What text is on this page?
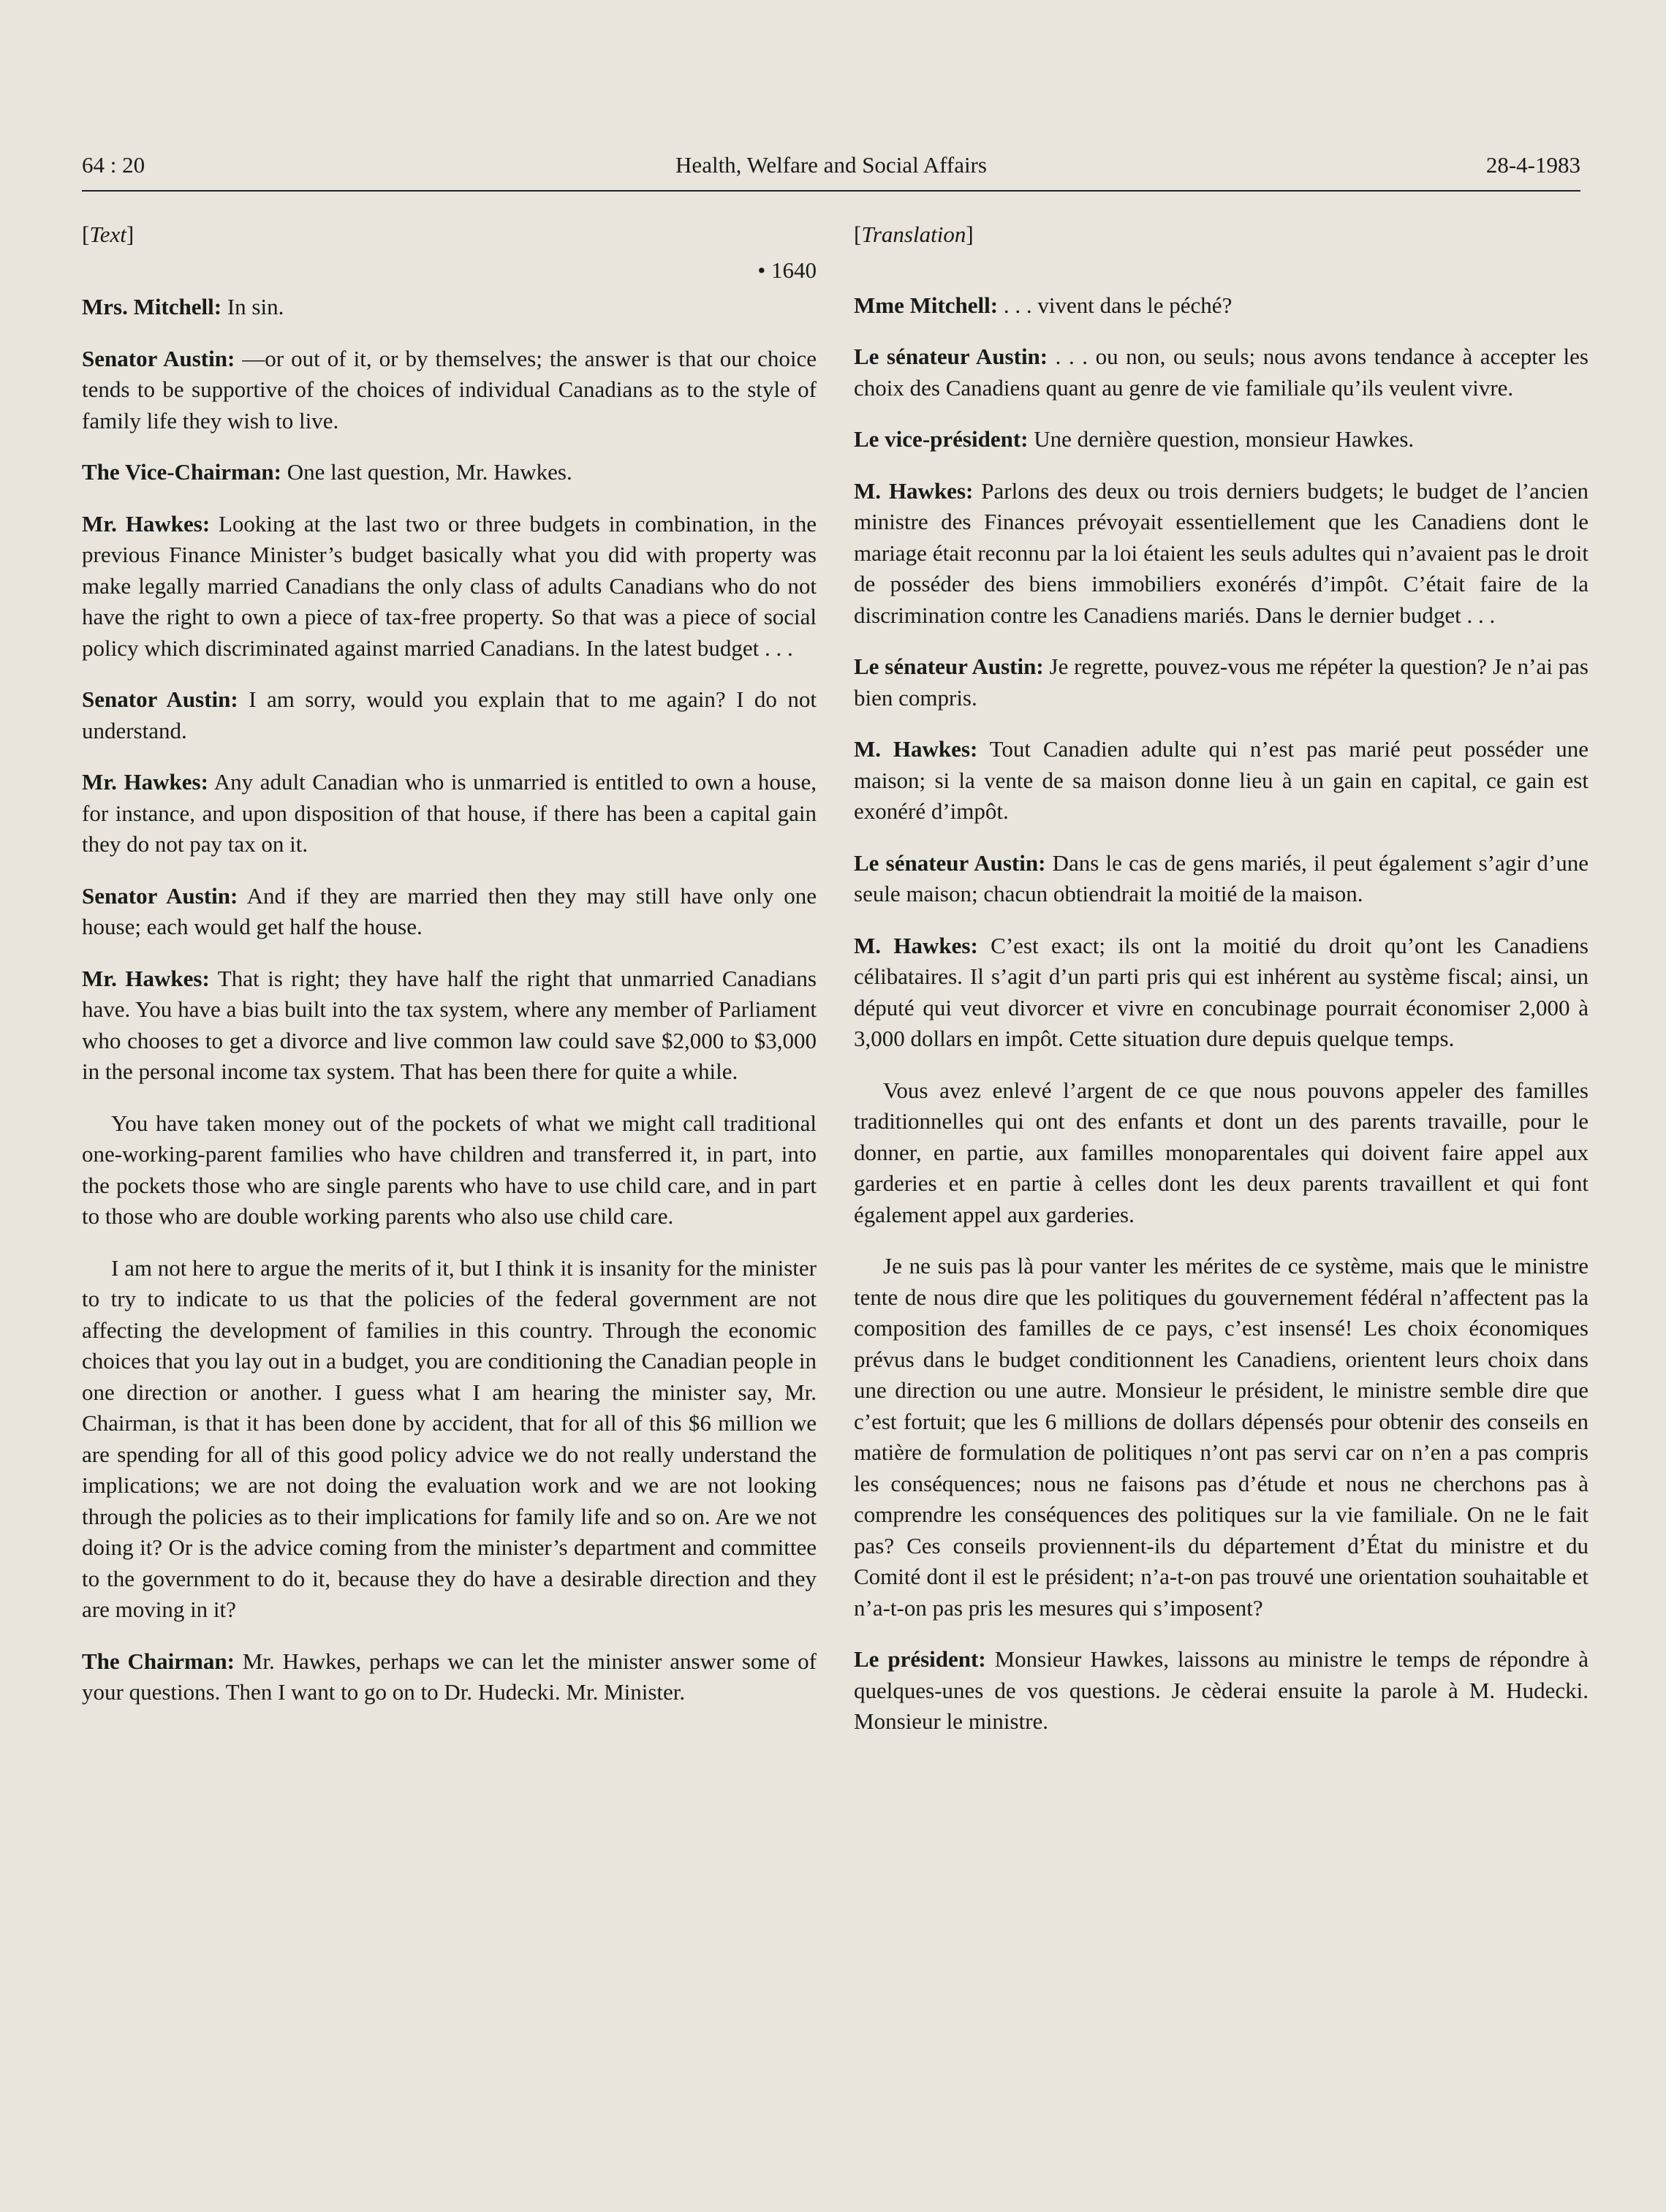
64 : 20	Health, Welfare and Social Affairs	28-4-1983
[Text]
• 1640

Mrs. Mitchell: In sin.

Senator Austin: —or out of it, or by themselves; the answer is that our choice tends to be supportive of the choices of individual Canadians as to the style of family life they wish to live.

The Vice-Chairman: One last question, Mr. Hawkes.

Mr. Hawkes: Looking at the last two or three budgets in combination, in the previous Finance Minister’s budget basically what you did with property was make legally married Canadians the only class of adults Canadians who do not have the right to own a piece of tax-free property. So that was a piece of social policy which discriminated against married Canadians. In the latest budget . . .

Senator Austin: I am sorry, would you explain that to me again? I do not understand.

Mr. Hawkes: Any adult Canadian who is unmarried is entitled to own a house, for instance, and upon disposition of that house, if there has been a capital gain they do not pay tax on it.

Senator Austin: And if they are married then they may still have only one house; each would get half the house.

Mr. Hawkes: That is right; they have half the right that unmarried Canadians have. You have a bias built into the tax system, where any member of Parliament who chooses to get a divorce and live common law could save $2,000 to $3,000 in the personal income tax system. That has been there for quite a while.

You have taken money out of the pockets of what we might call traditional one-working-parent families who have children and transferred it, in part, into the pockets those who are single parents who have to use child care, and in part to those who are double working parents who also use child care.

I am not here to argue the merits of it, but I think it is insanity for the minister to try to indicate to us that the policies of the federal government are not affecting the development of families in this country. Through the economic choices that you lay out in a budget, you are conditioning the Canadian people in one direction or another. I guess what I am hearing the minister say, Mr. Chairman, is that it has been done by accident, that for all of this $6 million we are spending for all of this good policy advice we do not really understand the implications; we are not doing the evaluation work and we are not looking through the policies as to their implications for family life and so on. Are we not doing it? Or is the advice coming from the minister’s department and committee to the government to do it, because they do have a desirable direction and they are moving in it?

The Chairman: Mr. Hawkes, perhaps we can let the minister answer some of your questions. Then I want to go on to Dr. Hudecki. Mr. Minister.

[Translation]

Mme Mitchell: . . . vivent dans le péché?

Le sénateur Austin: . . . ou non, ou seuls; nous avons tendance à accepter les choix des Canadiens quant au genre de vie familiale qu’ils veulent vivre.

Le vice-président: Une dernière question, monsieur Hawkes.

M. Hawkes: Parlons des deux ou trois derniers budgets; le budget de l’ancien ministre des Finances prévoyait essentiellement que les Canadiens dont le mariage était reconnu par la loi étaient les seuls adultes qui n’avaient pas le droit de posséder des biens immobiliers exonérés d’impôt. C’était faire de la discrimination contre les Canadiens mariés. Dans le dernier budget . . .

Le sénateur Austin: Je regrette, pouvez-vous me répéter la question? Je n’ai pas bien compris.

M. Hawkes: Tout Canadien adulte qui n’est pas marié peut posséder une maison; si la vente de sa maison donne lieu à un gain en capital, ce gain est exonéré d’impôt.

Le sénateur Austin: Dans le cas de gens mariés, il peut également s’agir d’une seule maison; chacun obtiendrait la moitié de la maison.

M. Hawkes: C’est exact; ils ont la moitié du droit qu’ont les Canadiens célibataires. Il s’agit d’un parti pris qui est inhérent au système fiscal; ainsi, un député qui veut divorcer et vivre en concubinage pourrait économiser 2,000 à 3,000 dollars en impôt. Cette situation dure depuis quelque temps.

Vous avez enlevé l’argent de ce que nous pouvons appeler des familles traditionnelles qui ont des enfants et dont un des parents travaille, pour le donner, en partie, aux familles monoparentales qui doivent faire appel aux garderies et en partie à celles dont les deux parents travaillent et qui font également appel aux garderies.

Je ne suis pas là pour vanter les mérites de ce système, mais que le ministre tente de nous dire que les politiques du gouvernement fédéral n’affectent pas la composition des familles de ce pays, c’est insensé! Les choix économiques prévus dans le budget conditionnent les Canadiens, orientent leurs choix dans une direction ou une autre. Monsieur le président, le ministre semble dire que c’est fortuit; que les 6 millions de dollars dépensés pour obtenir des conseils en matière de formulation de politiques n’ont pas servi car on n’en a pas compris les conséquences; nous ne faisons pas d’étude et nous ne cherchons pas à comprendre les conséquences des politiques sur la vie familiale. On ne le fait pas? Ces conseils proviennent-ils du département d’État du ministre et du Comité dont il est le président; n’a-t-on pas trouvé une orientation souhaitable et n’a-t-on pas pris les mesures qui s’imposent?

Le président: Monsieur Hawkes, laissons au ministre le temps de répondre à quelques-unes de vos questions. Je cèderai ensuite la parole à M. Hudecki. Monsieur le ministre.
